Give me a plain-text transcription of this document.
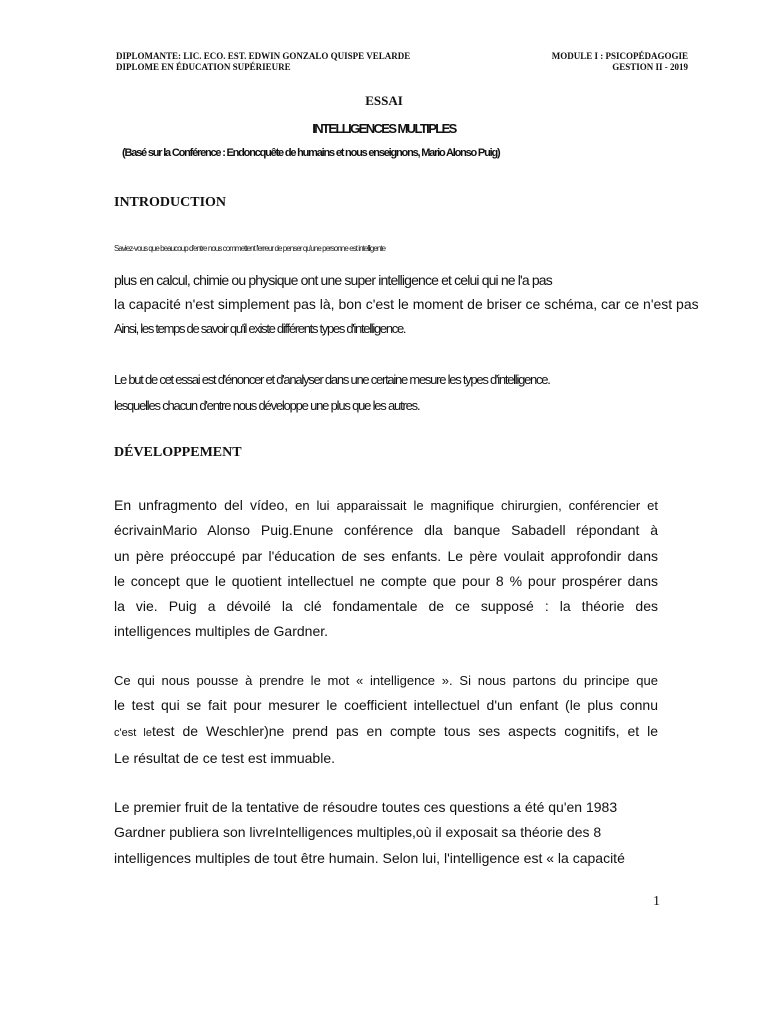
DIPLOMANTE: LIC. ECO. EST. EDWIN GONZALO QUISPE VELARDE
DIPLOME EN ÉDUCATION SUPÉRIEURE
MODULE I : PSICOPÉDAGOGIE
GESTION II - 2019
ESSAI
INTELLIGENCES MULTIPLES
(Basé sur la Conférence : Endoncquête de humains et nous enseignons, Mario Alonso Puig)
INTRODUCTION
Saviez-vous que beaucoup d'entre nous commettent l'erreur de penser qu'une personne est intelligente
plus en calcul, chimie ou physique ont une super intelligence et celui qui ne l'a pas
la capacité n'est simplement pas là, bon c'est le moment de briser ce schéma, car ce n'est pas
Ainsi, les temps de savoir qu'il existe différents types d'intelligence.
Le but de cet essai est d'énoncer et d'analyser dans une certaine mesure les types d'intelligence.
lesquelles chacun d'entre nous développe une plus que les autres.
DÉVELOPPEMENT
En unfragmento del vídeo, en lui apparaissait le magnifique chirurgien, conférencier et
écrivainMario Alonso Puig.Enune conférence dla banque Sabadell répondant à
un père préoccupé par l'éducation de ses enfants. Le père voulait approfondir dans
le concept que le quotient intellectuel ne compte que pour 8 % pour prospérer dans
la vie. Puig a dévoilé la clé fondamentale de ce supposé : la théorie des
intelligences multiples de Gardner.
Ce qui nous pousse à prendre le mot « intelligence ». Si nous partons du principe que
le test qui se fait pour mesurer le coefficient intellectuel d'un enfant (le plus connu
c'est letest de Weschler)ne prend pas en compte tous ses aspects cognitifs, et le
Le résultat de ce test est immuable.
Le premier fruit de la tentative de résoudre toutes ces questions a été qu'en 1983
Gardner publiera son livreIntelligences multiples,où il exposait sa théorie des 8
intelligences multiples de tout être humain. Selon lui, l'intelligence est « la capacité
1
